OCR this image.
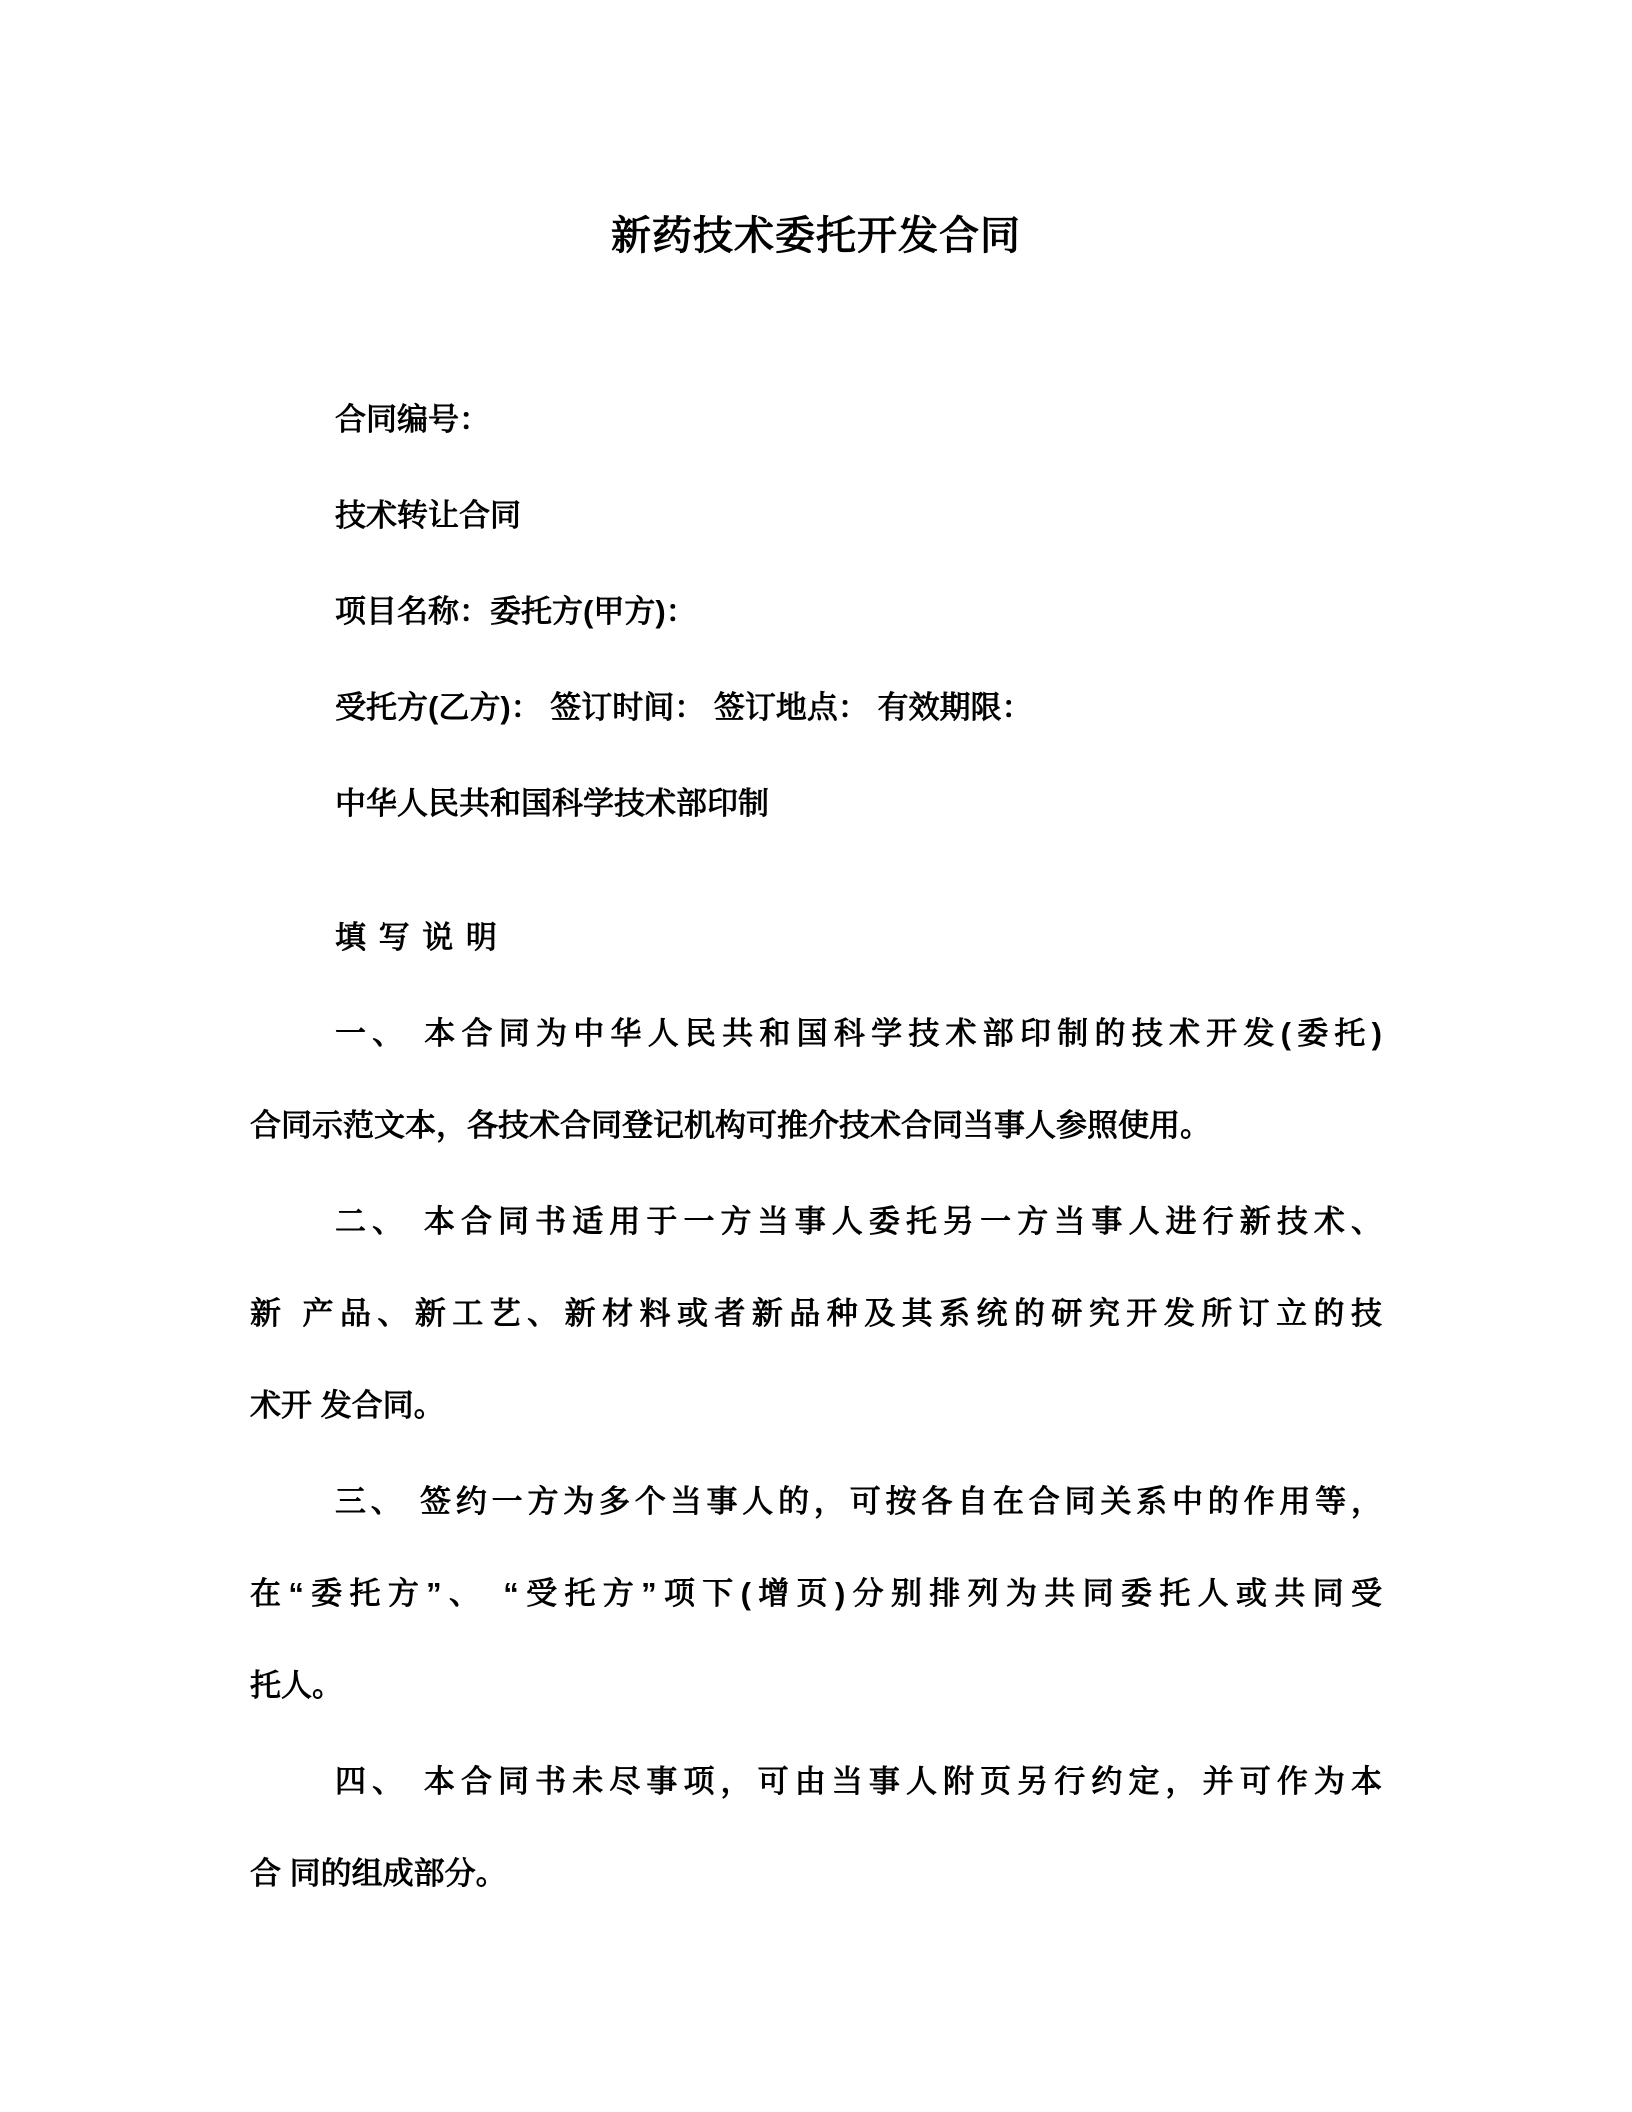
新药技术委托开发合同
合同编号：
技术转让合同
项目名称：委托方(甲方)：
受托方(乙方)： 签订时间： 签订地点： 有效期限：
中华人民共和国科学技术部印制
填 写 说 明
一、 本合同为中华人民共和国科学技术部印制的技术开发(委托)
合同示范文本，各技术合同登记机构可推介技术合同当事人参照使用。
二、 本合同书适用于一方当事人委托另一方当事人进行新技术、
新 产品、新工艺、新材料或者新品种及其系统的研究开发所订立的技
术开 发合同。
三、 签约一方为多个当事人的，可按各自在合同关系中的作用等，
在“委托方”、 “受托方”项下(增页)分别排列为共同委托人或共同受
托人。
四、 本合同书未尽事项，可由当事人附页另行约定，并可作为本
合 同的组成部分。
